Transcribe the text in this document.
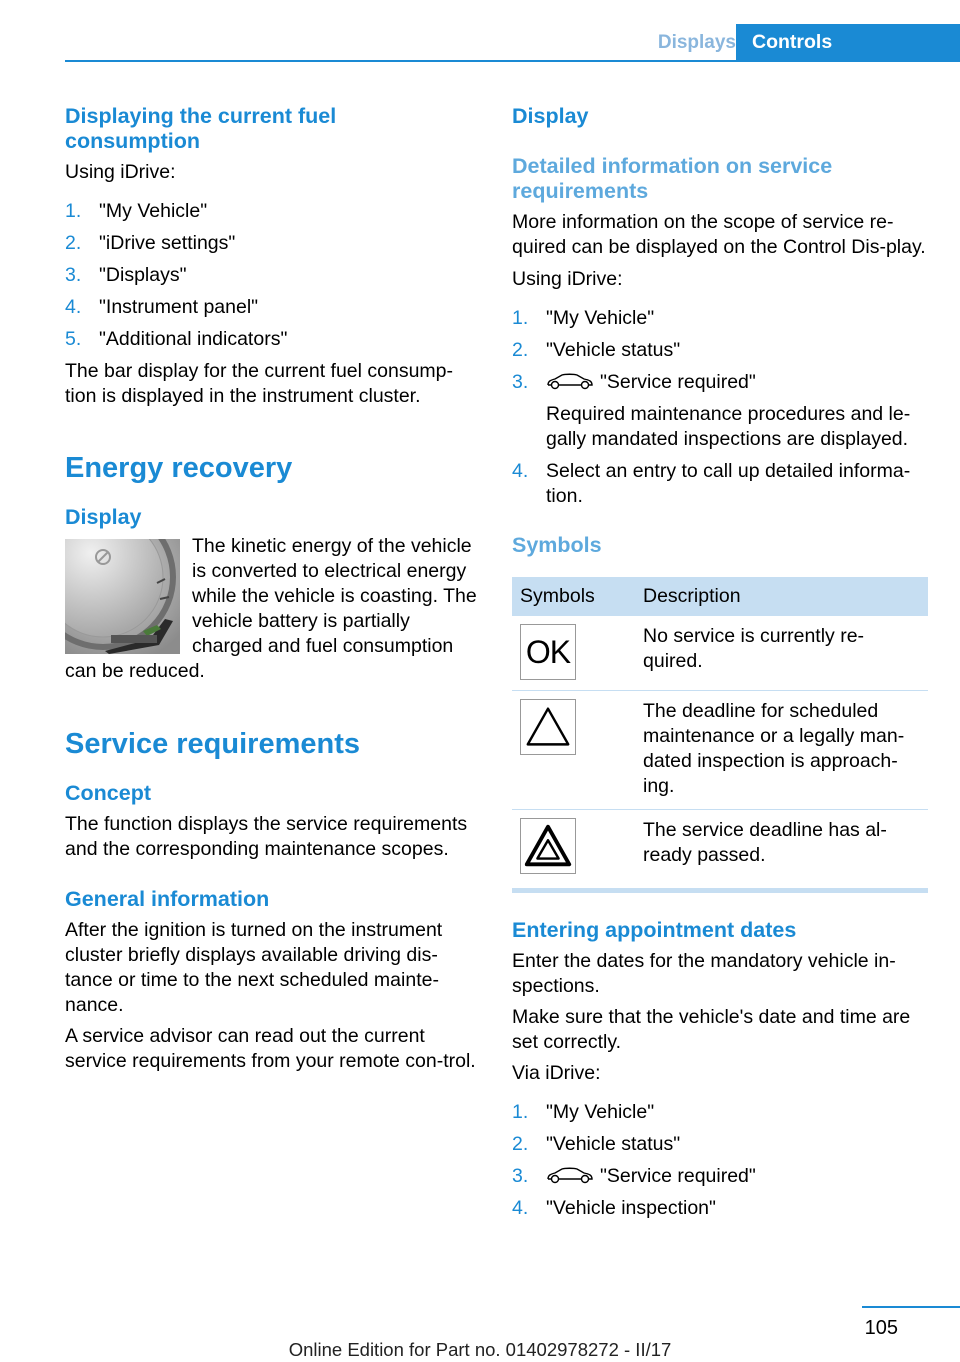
Displays Controls
Displaying the current fuel consumption

Using iDrive:

1. "My Vehicle"
2. "iDrive settings"
3. "Displays"
4. "Instrument panel"
5. "Additional indicators"

The bar display for the current fuel consump-tion is displayed in the instrument cluster.

Energy recovery
Display

The kinetic energy of the vehicle is converted to electrical energy while the vehicle is coasting. The vehicle battery is partially charged and fuel consumption can be reduced.

Service requirements
Concept

The function displays the service requirements and the corresponding maintenance scopes.

General information

After the ignition is turned on the instrument cluster briefly displays available driving dis-tance or time to the next scheduled mainte-nance.

A service advisor can read out the current service requirements from your remote con-trol.

Display
Detailed information on service requirements

More information on the scope of service re-quired can be displayed on the Control Dis-play.

Using iDrive:

1. "My Vehicle"
2. "Vehicle status"
3.	"Service required"
Required maintenance procedures and le-gally mandated inspections are displayed.
4. Select an entry to call up detailed informa-tion.
Symbols
Symbols	Description

OK	No service is currently re-quired.

	The deadline for scheduled maintenance or a legally man-dated inspection is approach-ing.

	The service deadline has al-ready passed.
Entering appointment dates

Enter the dates for the mandatory vehicle in-spections.

Make sure that the vehicle's date and time are set correctly.

Via iDrive:

1. "My Vehicle"
2. "Vehicle status"
3.	"Service required"
4. "Vehicle inspection"
105
Online Edition for Part no. 01402978272 - II/17
